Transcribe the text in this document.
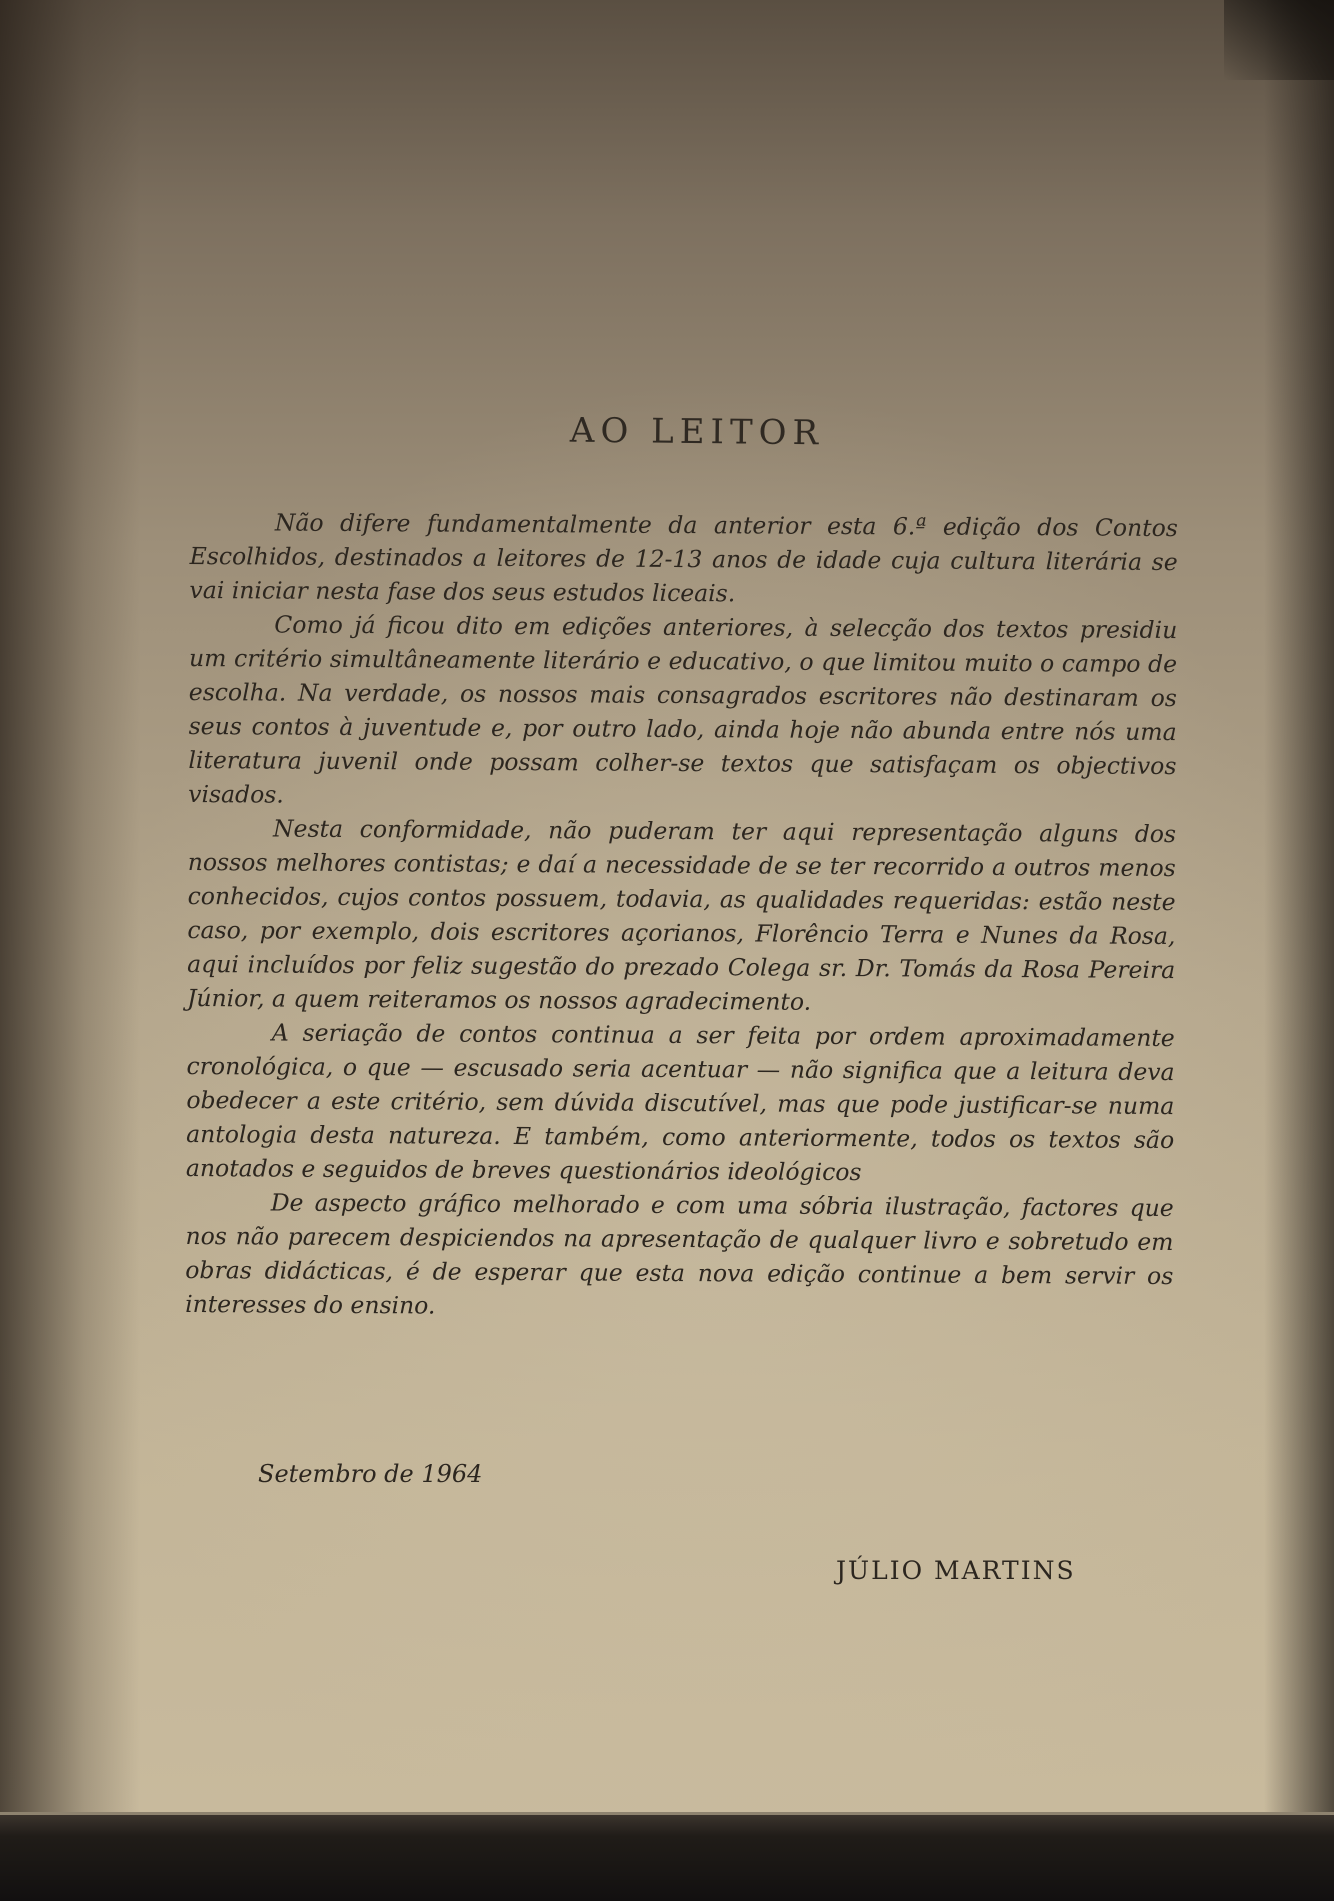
AO LEITOR

Não difere fundamentalmente da anterior esta 6.ª edição dos Contos Escolhidos, destinados a leitores de 12-13 anos de idade cuja cultura literária se vai iniciar nesta fase dos seus estudos liceais.

Como já ficou dito em edições anteriores, à selecção dos textos presidiu um critério simultâneamente literário e educativo, o que limitou muito o campo de escolha. Na verdade, os nossos mais consagrados escritores não destinaram os seus contos à juventude e, por outro lado, ainda hoje não abunda entre nós uma literatura juvenil onde possam colher-se textos que satisfaçam os objectivos visados.

Nesta conformidade, não puderam ter aqui representação alguns dos nossos melhores contistas; e daí a necessidade de se ter recorrido a outros menos conhecidos, cujos contos possuem, todavia, as qualidades requeridas: estão neste caso, por exemplo, dois escritores açorianos, Florêncio Terra e Nunes da Rosa, aqui incluídos por feliz sugestão do prezado Colega sr. Dr. Tomás da Rosa Pereira Júnior, a quem reiteramos os nossos agradecimento.

A seriação de contos continua a ser feita por ordem aproximadamente cronológica, o que — escusado seria acentuar — não significa que a leitura deva obedecer a este critério, sem dúvida discutível, mas que pode justificar-se numa antologia desta natureza. E também, como anteriormente, todos os textos são anotados e seguidos de breves questionários ideológicos

De aspecto gráfico melhorado e com uma sóbria ilustração, factores que nos não parecem despiciendos na apresentação de qualquer livro e sobretudo em obras didácticas, é de esperar que esta nova edição continue a bem servir os interesses do ensino.

Setembro de 1964

JÚLIO MARTINS
